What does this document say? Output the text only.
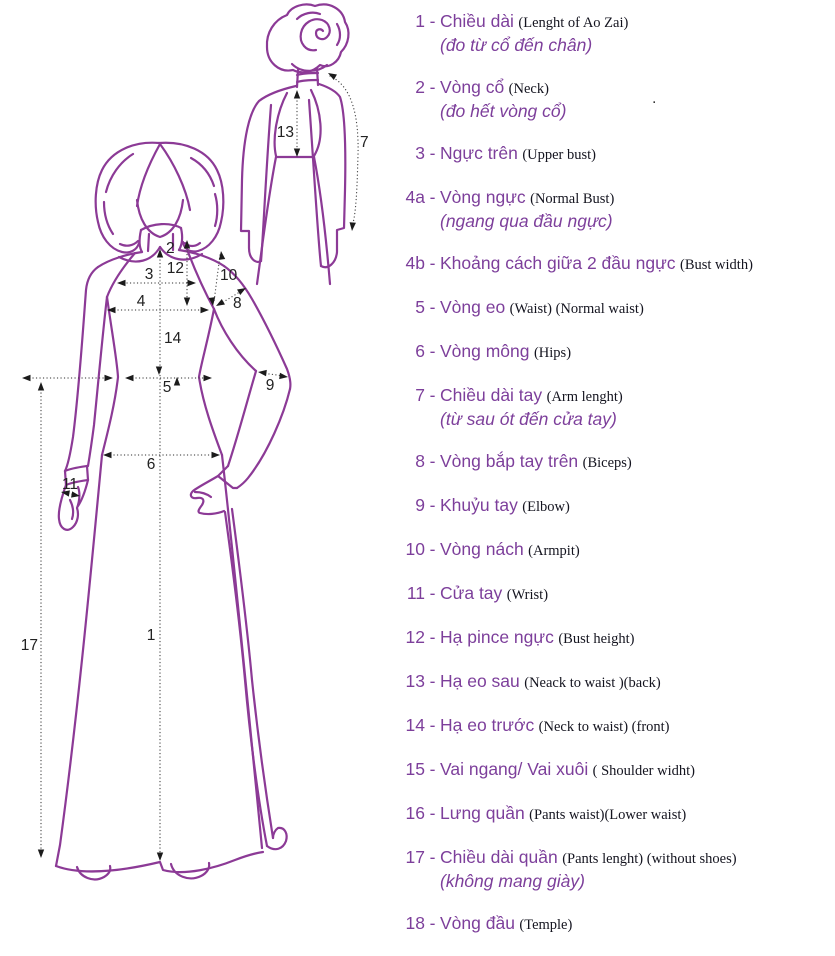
13
7
2
12
3
4
10
8
14
5	9
6
11
17
1
1 - Chiều dài (Lenght of Ao Zai)
(đo từ cổ đến chân)
2 - Vòng cổ (Neck)
(đo hết vòng cổ)
3 - Ngực trên (Upper bust)
4a - Vòng ngực (Normal Bust)
(ngang qua đầu ngực)
4b - Khoảng cách giữa 2 đầu ngực (Bust width)
5 - Vòng eo (Waist) (Normal waist)
6 - Vòng mông (Hips)
7 - Chiều dài tay (Arm lenght)
(từ sau ót đến cửa tay)
8 - Vòng bắp tay trên (Biceps)
9 - Khuỷu tay (Elbow)
10 - Vòng nách (Armpit)
11 - Cửa tay (Wrist)
12 - Hạ pince ngực (Bust height)
13 - Hạ eo sau (Neack to waist )(back)
14 - Hạ eo trước (Neck to waist) (front)
15 - Vai ngang/ Vai xuôi ( Shoulder widht)
16 - Lưng quần (Pants waist)(Lower waist)
17 - Chiều dài quần (Pants lenght) (without shoes)
(không mang giày)
18 - Vòng đầu (Temple)
.
